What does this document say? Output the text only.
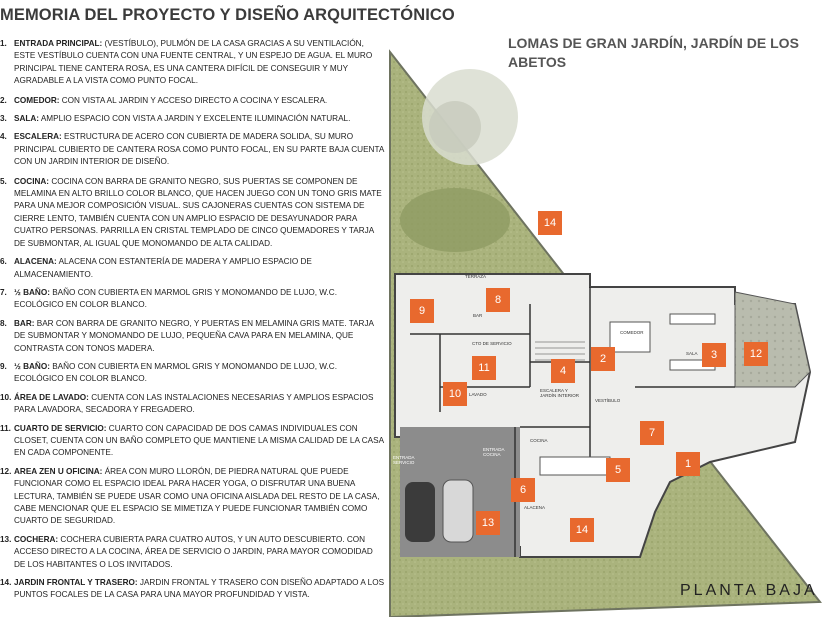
MEMORIA DEL PROYECTO Y DISEÑO ARQUITECTÓNICO
1. ENTRADA PRINCIPAL: (VESTÍBULO), PULMÓN DE LA CASA GRACIAS A SU VENTILACIÓN, ESTE VESTÍBULO CUENTA CON UNA FUENTE CENTRAL, Y UN ESPEJO DE AGUA. EL MURO PRINCIPAL TIENE CANTERA ROSA, ES UNA CANTERA DIFÍCIL DE CONSEGUIR Y MUY AGRADABLE A LA VISTA COMO PUNTO FOCAL.
2. COMEDOR: CON VISTA AL JARDIN Y ACCESO DIRECTO A COCINA Y ESCALERA.
3. SALA: AMPLIO ESPACIO CON VISTA A JARDIN Y EXCELENTE ILUMINACIÓN NATURAL.
4. ESCALERA: ESTRUCTURA DE ACERO CON CUBIERTA DE MADERA SOLIDA, SU MURO PRINCIPAL CUBIERTO DE CANTERA ROSA COMO PUNTO FOCAL, EN SU PARTE BAJA CUENTA CON UN JARDIN INTERIOR DE DISEÑO.
5. COCINA: COCINA CON BARRA DE GRANITO NEGRO, SUS PUERTAS SE COMPONEN DE MELAMINA EN ALTO BRILLO COLOR BLANCO, QUE HACEN JUEGO CON UN TONO GRIS MATE PARA UNA MEJOR COMPOSICIÓN VISUAL. SUS CAJONERAS CUENTAS CON SISTEMA DE CIERRE LENTO, TAMBIÉN CUENTA CON UN AMPLIO ESPACIO DE DESAYUNADOR PARA CUATRO PERSONAS. PARRILLA EN CRISTAL TEMPLADO DE CINCO QUEMADORES Y TARJA DE SUBMONTAR, AL IGUAL QUE MONOMANDO DE ALTA CALIDAD.
6. ALACENA: ALACENA CON ESTANTERÍA DE MADERA Y AMPLIO ESPACIO DE ALMACENAMIENTO.
7. ½ BAÑO: BAÑO CON CUBIERTA EN MARMOL GRIS Y MONOMANDO DE LUJO, W.C. ECOLÓGICO EN COLOR BLANCO.
8. BAR: BAR CON BARRA DE GRANITO NEGRO, Y PUERTAS EN MELAMINA GRIS MATE. TARJA DE SUBMONTAR Y MONOMANDO DE LUJO, PEQUEÑA CAVA PARA EN MELAMINA, QUE CONTRASTA CON TONOS MADERA.
9. ½ BAÑO: BAÑO CON CUBIERTA EN MARMOL GRIS Y MONOMANDO DE LUJO, W.C. ECOLÓGICO EN COLOR BLANCO.
10. ÁREA DE LAVADO: CUENTA CON LAS INSTALACIONES NECESARIAS Y AMPLIOS ESPACIOS PARA LAVADORA, SECADORA Y FREGADERO.
11. CUARTO DE SERVICIO: CUARTO CON CAPACIDAD DE DOS CAMAS INDIVIDUALES CON CLOSET, CUENTA CON UN BAÑO COMPLETO QUE MANTIENE LA MISMA CALIDAD DE LA CASA EN CADA COMPONENTE.
12. AREA ZEN U OFICINA: ÁREA CON MURO LLORÓN, DE PIEDRA NATURAL QUE PUEDE FUNCIONAR COMO EL ESPACIO IDEAL PARA HACER YOGA, O DISFRUTAR UNA BUENA LECTURA, TAMBIÉN SE PUEDE USAR COMO UNA OFICINA AISLADA DEL RESTO DE LA CASA, CABE MENCIONAR QUE EL ESPACIO SE MIMETIZA Y PUEDE FUNCIONAR TAMBIÉN COMO CUARTO DE SEGURIDAD.
13. COCHERA: COCHERA CUBIERTA PARA CUATRO AUTOS, Y UN AUTO DESCUBIERTO. CON ACCESO DIRECTO A LA COCINA, ÁREA DE SERVICIO O JARDIN, PARA MAYOR COMODIDAD DE LOS HABITANTES O LOS INVITADOS.
14. JARDIN FRONTAL Y TRASERO: JARDIN FRONTAL Y TRASERO CON DISEÑO ADAPTADO A LOS PUNTOS FOCALES DE LA CASA PARA UNA MAYOR PROFUNDIDAD Y VISTA.
LOMAS DE GRAN JARDÍN, JARDÍN DE LOS ABETOS
TERRAZA
BAR
CTO DE SERVICIO
LAVADO
ESCALERA Y JARDÍN INTERIOR
VESTÍBULO
COMEDOR
SALA
COCINA
ALACENA
ENTRADA SERVICIO
ENTRADA COCINA
1
2	3
4
5
6
7
8
9
10
11
12
13
14
14
PLANTA BAJA
